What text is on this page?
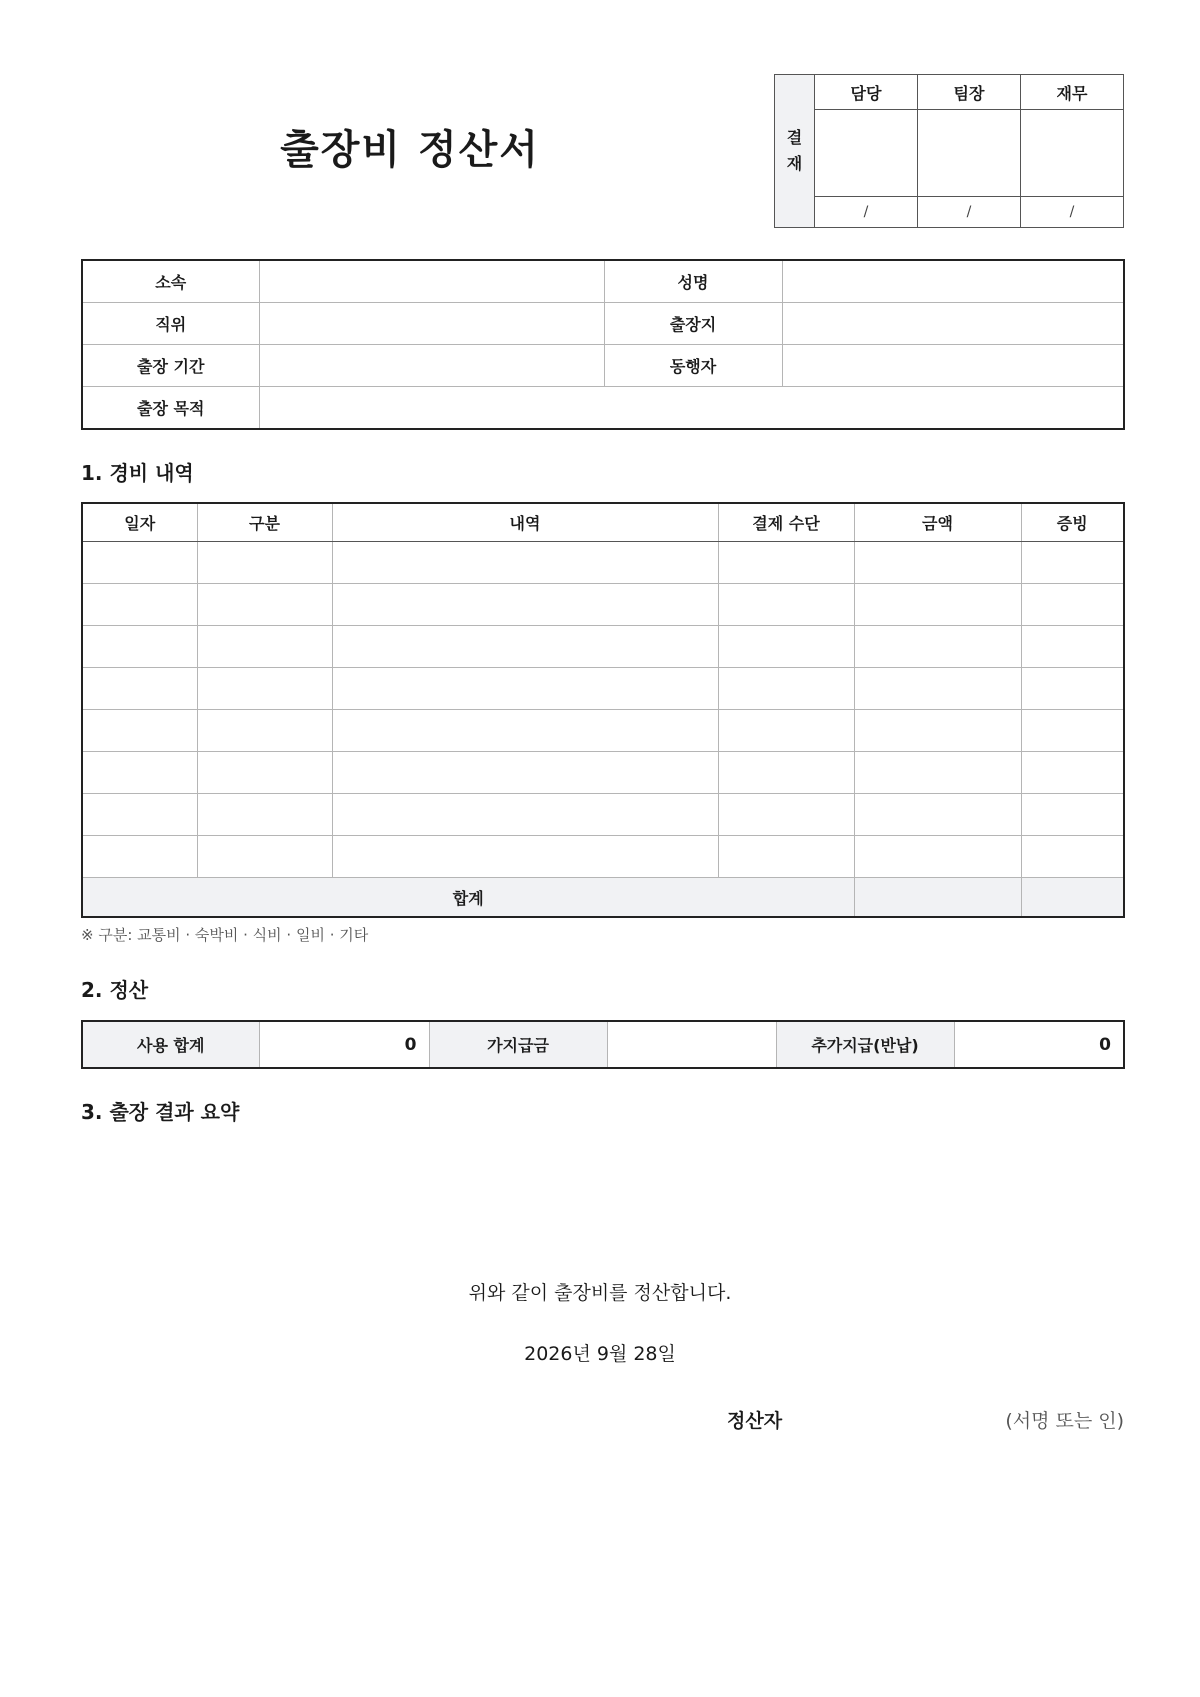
출장비 정산서	결
재	담당	팀장	재무

	/	/	/
소속		성명	
직위		출장지	
출장 기간		동행자	
출장 목적			
1. 경비 내역
일자	구분	내역	결제 수단	금액	증빙

합계					

※ 구분: 교통비 · 숙박비 · 식비 · 일비 · 기타

2. 정산
사용 합계	0	가지급금		추가지급(반납)	0
3. 출장 결과 요약

위와 같이 출장비를 정산합니다.

2026년 9월 28일

정산자	(서명 또는 인)
